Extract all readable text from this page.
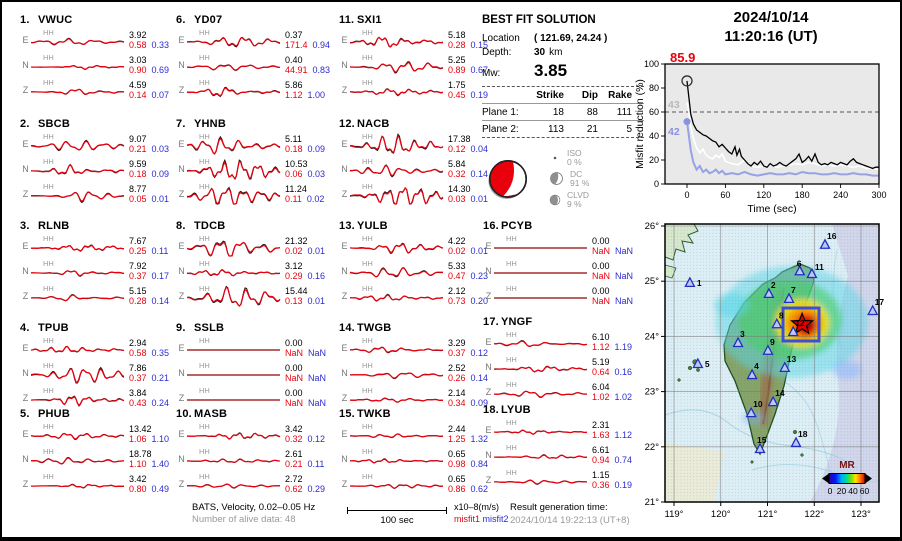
1. VWUC
E
HH	3.92
0.58 0.33
N
HH	3.03
0.90 0.69
Z
HH	4.59
0.14 0.07
2. SBCB
E
HH	9.07
0.21 0.03
N
HH	9.59
0.18 0.09
Z
HH	8.77
0.05 0.01
3. RLNB
E
HH	7.67
0.25 0.11
N
HH	7.92
0.37 0.17
Z
HH	5.15
0.28 0.14
4. TPUB
E
HH	2.94
0.58 0.35
N
HH	7.86
0.37 0.21
Z
HH	3.84
0.43 0.24
5. PHUB
E
HH	13.42
1.06 1.10
N
HH	18.78
1.10 1.40
Z
HH	3.42
0.80 0.49
6. YD07
E
HH	0.37
171.4 0.94
N
HH	0.40
44.91 0.83
Z
HH	5.86
1.12 1.00
7. YHNB
E
HH	5.11
0.18 0.09
N
HH	10.53
0.06 0.03
Z
HH	11.24
0.11 0.02
8. TDCB
E
HH	21.32
0.02 0.01
N
HH	3.12
0.29 0.16
Z
HH	15.44
0.13 0.01
9. SSLB
E
HH	0.00
NaN NaN
N
HH	0.00
NaN NaN
Z
HH	0.00
NaN NaN
10. MASB
E
HH	3.42
0.32 0.12
N
HH	2.61
0.21 0.11
Z
HH	2.72
0.62 0.29
11. SXI1
E
HH	5.18
0.28 0.15
N
HH	5.25
0.89 0.67
Z
HH	1.75
0.45 0.19
12. NACB
E
HH	17.38
0.12 0.04
N
HH	5.84
0.32 0.14
Z
HH	14.30
0.03 0.01
13. YULB
E
HH	4.22
0.02 0.01
N
HH	5.33
0.47 0.23
Z
HH	2.12
0.73 0.20
14. TWGB
E
HH	3.29
0.37 0.12
N
HH	2.52
0.26 0.14
Z
HH	2.14
0.34 0.09
15. TWKB
E
HH	2.44
1.25 1.32
N
HH	0.65
0.98 0.84
Z
HH	0.65
0.86 0.62
16. PCYB
E
HH	0.00
NaN NaN
N
HH	0.00
NaN NaN
Z
HH	0.00
NaN NaN
17. YNGF
E
HH	6.10
1.12 1.19
N
HH	5.19
0.64 0.16
Z
HH	6.04
1.02 1.02
18. LYUB
E
HH	2.31
1.63 1.12
N
HH	6.61
0.94 0.74
Z
HH	1.15
0.36 0.19
BEST FIT SOLUTION
Location	( 121.69, 24.24 )
Depth:	30 km
Mw:	3.85
Strike	Dip	Rake
Plane 1:	18	88	111
Plane 2:	113	21	5
ISO
0 %
DC
91 %
CLVD
9 %
2024/10/14
11:20:16 (UT)
0
20
40
60
80
100
0	60	120	180	240	300
Time (sec)
Misfit reduction (%)
85.9
43
42
1	2
3
4
5
6
7
8
9
10
11
12
13
14
15
16
17
18
26°
25°
24°
23°
22°
21°
119°	120°	121°	122°	123°
MR
0 20 40 60
BATS, Velocity, 0.02–0.05 Hz
Number of alive data: 48	100 sec
x10–8(m/s)
misfit1 misfit2
Result generation time:
2024/10/14 19:22:13 (UT+8)
